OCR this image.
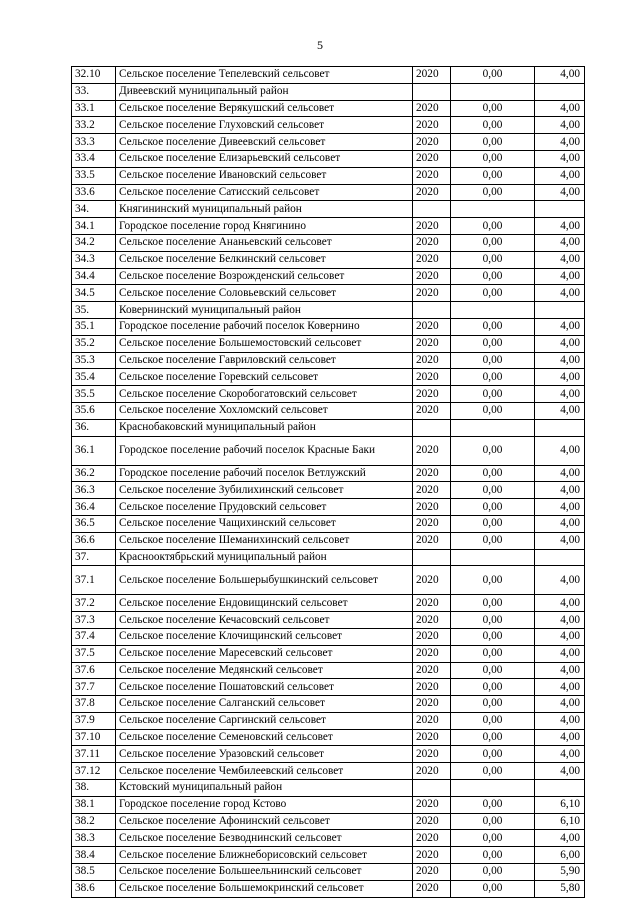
5
32.10	Сельское поселение Тепелевский сельсовет	2020	0,00	4,00
33.	Дивеевский муниципальный район			
33.1	Сельское поселение Верякушский сельсовет	2020	0,00	4,00
33.2	Сельское поселение Глуховский сельсовет	2020	0,00	4,00
33.3	Сельское поселение Дивеевский сельсовет	2020	0,00	4,00
33.4	Сельское поселение Елизарьевский сельсовет	2020	0,00	4,00
33.5	Сельское поселение Ивановский сельсовет	2020	0,00	4,00
33.6	Сельское поселение Сатисский сельсовет	2020	0,00	4,00
34.	Княгининский муниципальный район			
34.1	Городское поселение город Княгинино	2020	0,00	4,00
34.2	Сельское поселение Ананьевский сельсовет	2020	0,00	4,00
34.3	Сельское поселение Белкинский сельсовет	2020	0,00	4,00
34.4	Сельское поселение Возрожденский сельсовет	2020	0,00	4,00
34.5	Сельское поселение Соловьевский сельсовет	2020	0,00	4,00
35.	Ковернинский муниципальный район			
35.1	Городское поселение рабочий поселок Ковернино	2020	0,00	4,00
35.2	Сельское поселение Большемостовский сельсовет	2020	0,00	4,00
35.3	Сельское поселение Гавриловский сельсовет	2020	0,00	4,00
35.4	Сельское поселение Горевский сельсовет	2020	0,00	4,00
35.5	Сельское поселение Скоробогатовский сельсовет	2020	0,00	4,00
35.6	Сельское поселение Хохломский сельсовет	2020	0,00	4,00
36.	Краснобаковский муниципальный район			
36.1	Городское поселение рабочий поселок Красные Баки	2020	0,00	4,00
36.2	Городское поселение рабочий поселок Ветлужский	2020	0,00	4,00
36.3	Сельское поселение Зубилихинский сельсовет	2020	0,00	4,00
36.4	Сельское поселение Прудовский сельсовет	2020	0,00	4,00
36.5	Сельское поселение Чащихинский сельсовет	2020	0,00	4,00
36.6	Сельское поселение Шеманихинский сельсовет	2020	0,00	4,00
37.	Краснооктябрьский муниципальный район			
37.1	Сельское поселение Большерыбушкинский сельсовет	2020	0,00	4,00
37.2	Сельское поселение Ендовищинский сельсовет	2020	0,00	4,00
37.3	Сельское поселение Кечасовский сельсовет	2020	0,00	4,00
37.4	Сельское поселение Клочищинский сельсовет	2020	0,00	4,00
37.5	Сельское поселение Маресевский сельсовет	2020	0,00	4,00
37.6	Сельское поселение Медянский сельсовет	2020	0,00	4,00
37.7	Сельское поселение Пошатовский сельсовет	2020	0,00	4,00
37.8	Сельское поселение Салганский сельсовет	2020	0,00	4,00
37.9	Сельское поселение Саргинский сельсовет	2020	0,00	4,00
37.10	Сельское поселение Семеновский сельсовет	2020	0,00	4,00
37.11	Сельское поселение Уразовский сельсовет	2020	0,00	4,00
37.12	Сельское поселение Чембилеевский сельсовет	2020	0,00	4,00
38.	Кстовский муниципальный район			
38.1	Городское поселение город Кстово	2020	0,00	6,10
38.2	Сельское поселение Афонинский сельсовет	2020	0,00	6,10
38.3	Сельское поселение Безводнинский сельсовет	2020	0,00	4,00
38.4	Сельское поселение Ближнеборисовский сельсовет	2020	0,00	6,00
38.5	Сельское поселение Большеельнинский сельсовет	2020	0,00	5,90
38.6	Сельское поселение Большемокринский сельсовет	2020	0,00	5,80
